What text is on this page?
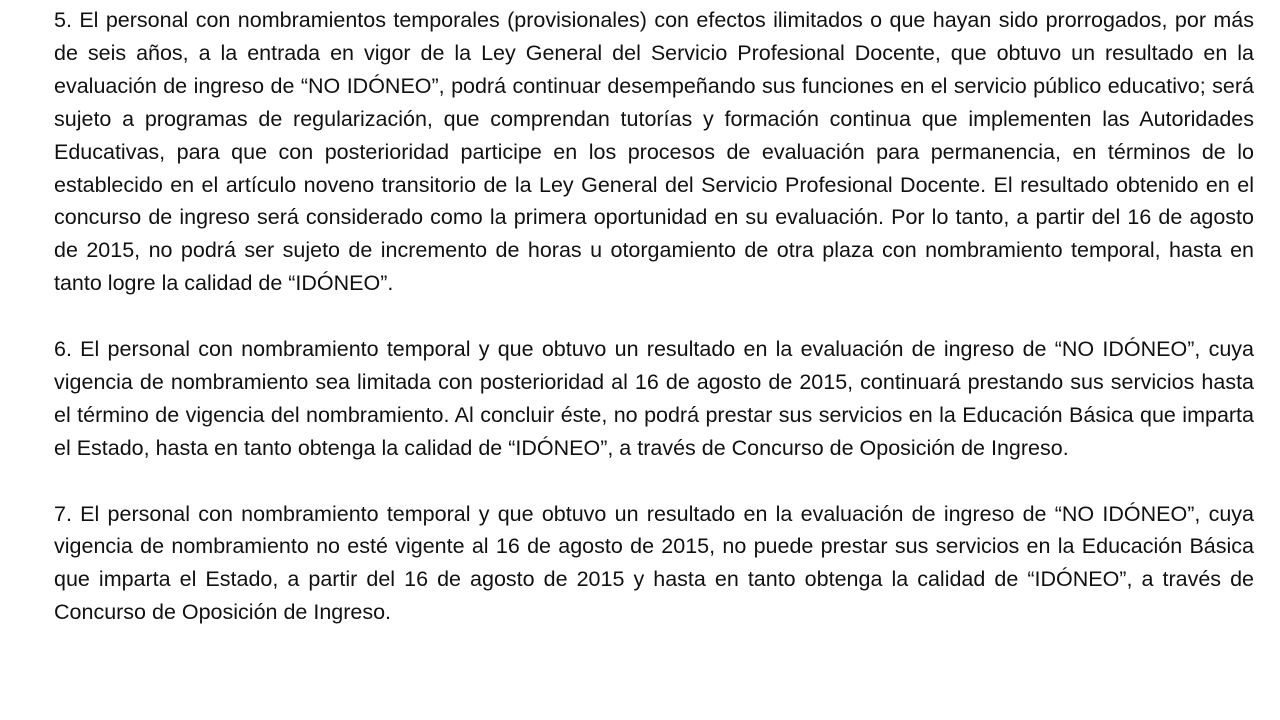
5. El personal con nombramientos temporales (provisionales) con efectos ilimitados o que hayan sido prorrogados, por más de seis años, a la entrada en vigor de la Ley General del Servicio Profesional Docente, que obtuvo un resultado en la evaluación de ingreso de “NO IDÓNEO”, podrá continuar desempeñando sus funciones en el servicio público educativo; será sujeto a programas de regularización, que comprendan tutorías y formación continua que implementen las Autoridades Educativas, para que con posterioridad participe en los procesos de evaluación para permanencia, en términos de lo establecido en el artículo noveno transitorio de la Ley General del Servicio Profesional Docente. El resultado obtenido en el concurso de ingreso será considerado como la primera oportunidad en su evaluación. Por lo tanto, a partir del 16 de agosto de 2015, no podrá ser sujeto de incremento de horas u otorgamiento de otra plaza con nombramiento temporal, hasta en tanto logre la calidad de “IDÓNEO”.

6. El personal con nombramiento temporal y que obtuvo un resultado en la evaluación de ingreso de “NO IDÓNEO”, cuya vigencia de nombramiento sea limitada con posterioridad al 16 de agosto de 2015, continuará prestando sus servicios hasta el término de vigencia del nombramiento. Al concluir éste, no podrá prestar sus servicios en la Educación Básica que imparta el Estado, hasta en tanto obtenga la calidad de “IDÓNEO”, a través de Concurso de Oposición de Ingreso.

7. El personal con nombramiento temporal y que obtuvo un resultado en la evaluación de ingreso de “NO IDÓNEO”, cuya vigencia de nombramiento no esté vigente al 16 de agosto de 2015, no puede prestar sus servicios en la Educación Básica que imparta el Estado, a partir del 16 de agosto de 2015 y hasta en tanto obtenga la calidad de “IDÓNEO”, a través de Concurso de Oposición de Ingreso.
